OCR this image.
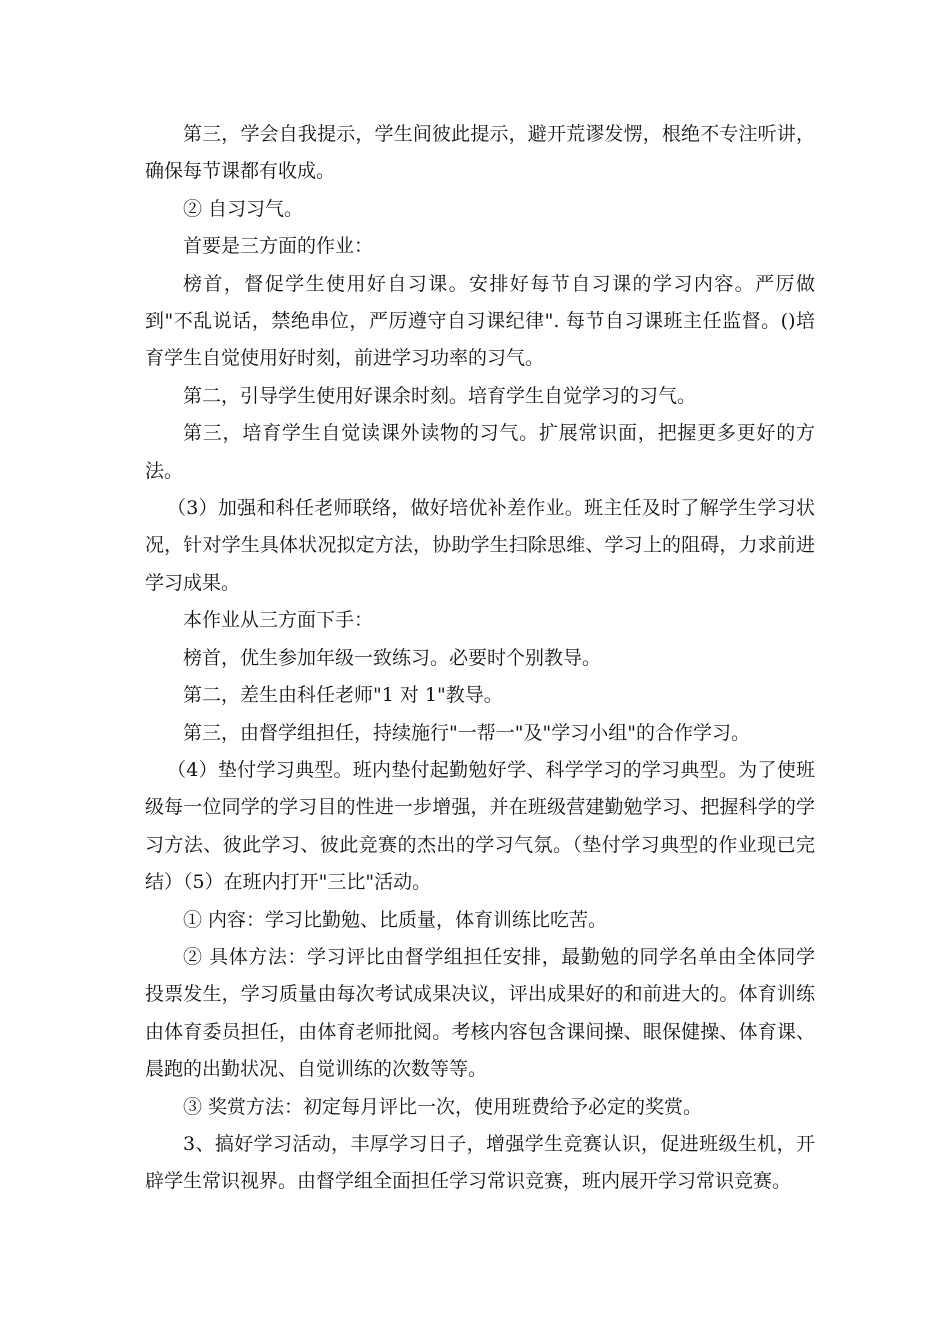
第三，学会自我提示，学生间彼此提示，避开荒谬发愣，根绝不专注听讲，确保每节课都有收成。

② 自习习气。

首要是三方面的作业：

榜首，督促学生使用好自习课。安排好每节自习课的学习内容。严厉做到"不乱说话，禁绝串位，严厉遵守自习课纪律". 每节自习课班主任监督。()培育学生自觉使用好时刻，前进学习功率的习气。

第二，引导学生使用好课余时刻。培育学生自觉学习的习气。

第三，培育学生自觉读课外读物的习气。扩展常识面，把握更多更好的方法。

（3）加强和科任老师联络，做好培优补差作业。班主任及时了解学生学习状况，针对学生具体状况拟定方法，协助学生扫除思维、学习上的阻碍，力求前进学习成果。

本作业从三方面下手：

榜首，优生参加年级一致练习。必要时个别教导。

第二，差生由科任老师"1 对 1"教导。

第三，由督学组担任，持续施行"一帮一"及"学习小组"的合作学习。

（4）垫付学习典型。班内垫付起勤勉好学、科学学习的学习典型。为了使班级每一位同学的学习目的性进一步增强，并在班级营建勤勉学习、把握科学的学习方法、彼此学习、彼此竞赛的杰出的学习气氛。（垫付学习典型的作业现已完结）（5）在班内打开"三比"活动。

① 内容：学习比勤勉、比质量，体育训练比吃苦。

② 具体方法：学习评比由督学组担任安排，最勤勉的同学名单由全体同学投票发生，学习质量由每次考试成果决议，评出成果好的和前进大的。体育训练由体育委员担任，由体育老师批阅。考核内容包含课间操、眼保健操、体育课、晨跑的出勤状况、自觉训练的次数等等。

③ 奖赏方法：初定每月评比一次，使用班费给予必定的奖赏。

3、搞好学习活动，丰厚学习日子，增强学生竞赛认识，促进班级生机，开辟学生常识视界。由督学组全面担任学习常识竞赛，班内展开学习常识竞赛。
